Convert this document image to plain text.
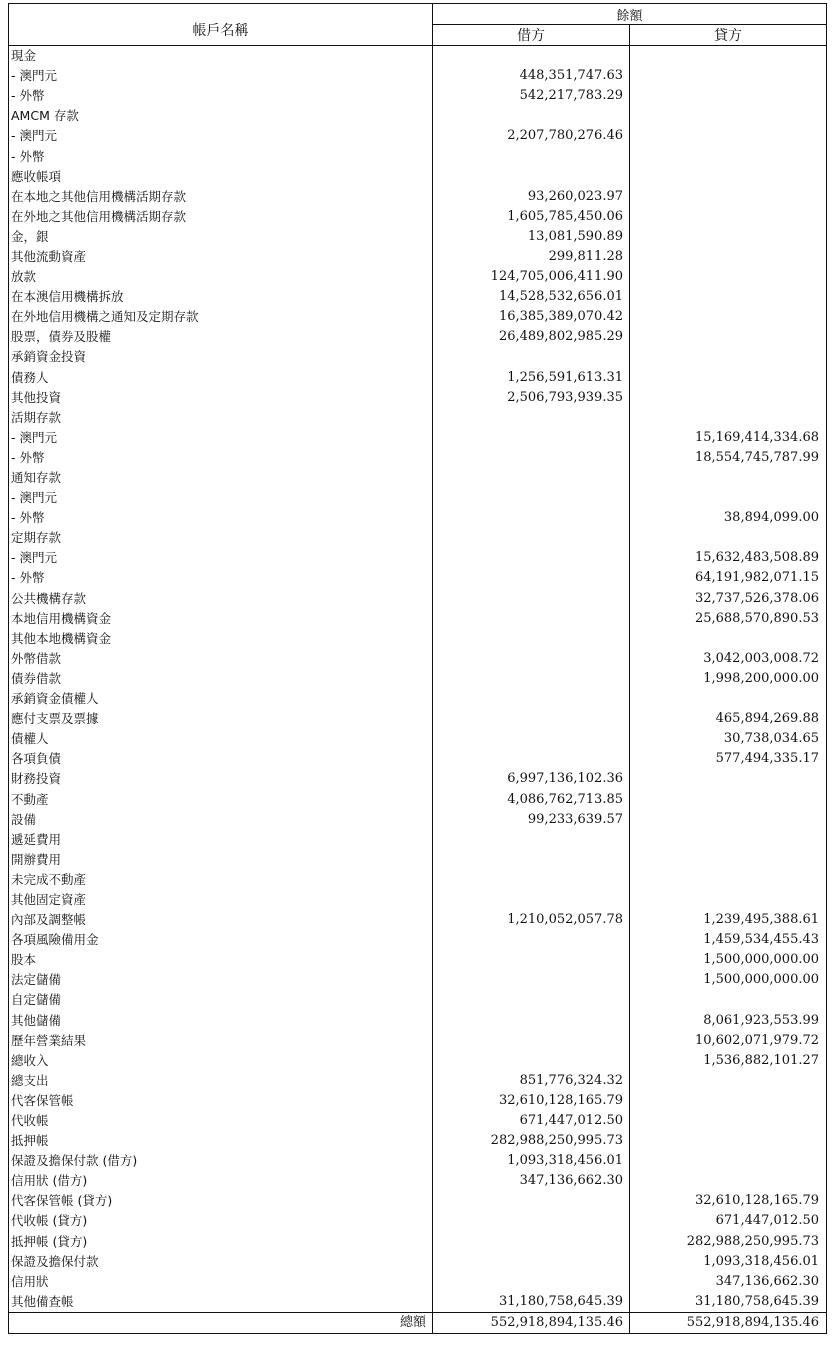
帳戶名稱	餘額	
	借方	貸方
現金		
- 澳門元	448,351,747.63	
- 外幣	542,217,783.29	
AMCM 存款		
- 澳門元	2,207,780,276.46	
- 外幣		
應收帳項		
在本地之其他信用機構活期存款	93,260,023.97	
在外地之其他信用機構活期存款	1,605,785,450.06	
金，銀	13,081,590.89	
其他流動資產	299,811.28	
放款	124,705,006,411.90	
在本澳信用機構拆放	14,528,532,656.01	
在外地信用機構之通知及定期存款	16,385,389,070.42	
股票，債券及股權	26,489,802,985.29	
承銷資金投資		
債務人	1,256,591,613.31	
其他投資	2,506,793,939.35	
活期存款		
- 澳門元		15,169,414,334.68
- 外幣		18,554,745,787.99
通知存款		
- 澳門元		
- 外幣		38,894,099.00
定期存款		
- 澳門元		15,632,483,508.89
- 外幣		64,191,982,071.15
公共機構存款		32,737,526,378.06
本地信用機構資金		25,688,570,890.53
其他本地機構資金		
外幣借款		3,042,003,008.72
債券借款		1,998,200,000.00
承銷資金債權人		
應付支票及票據		465,894,269.88
債權人		30,738,034.65
各項負債		577,494,335.17
財務投資	6,997,136,102.36	
不動產	4,086,762,713.85	
設備	99,233,639.57	
遞延費用		
開辦費用		
未完成不動產		
其他固定資產		
內部及調整帳	1,210,052,057.78	1,239,495,388.61
各項風險備用金		1,459,534,455.43
股本		1,500,000,000.00
法定儲備		1,500,000,000.00
自定儲備		
其他儲備		8,061,923,553.99
歷年營業結果		10,602,071,979.72
總收入		1,536,882,101.27
總支出	851,776,324.32	
代客保管帳	32,610,128,165.79	
代收帳	671,447,012.50	
抵押帳	282,988,250,995.73	
保證及擔保付款 (借方)	1,093,318,456.01	
信用狀 (借方)	347,136,662.30	
代客保管帳 (貸方)		32,610,128,165.79
代收帳 (貸方)		671,447,012.50
抵押帳 (貸方)		282,988,250,995.73
保證及擔保付款		1,093,318,456.01
信用狀		347,136,662.30
其他備查帳	31,180,758,645.39	31,180,758,645.39
總額	552,918,894,135.46	552,918,894,135.46
